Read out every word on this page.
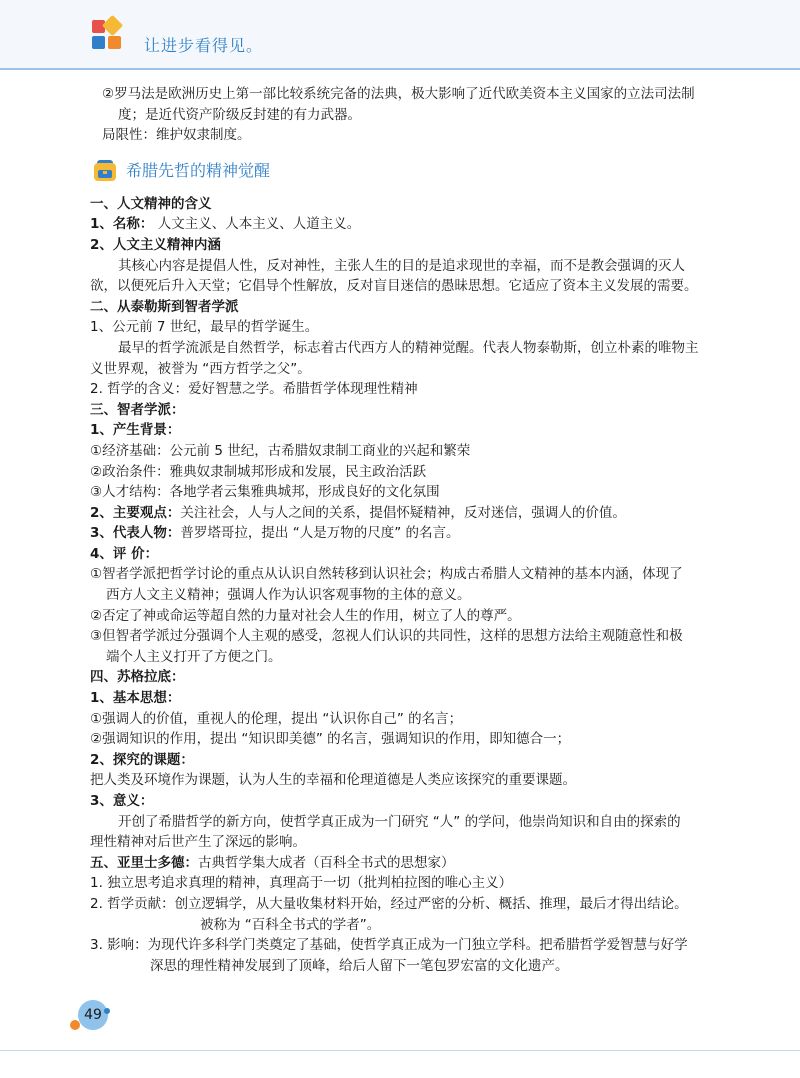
让进步看得见。

②罗马法是欧洲历史上第一部比较系统完备的法典，极大影响了近代欧美资本主义国家的立法司法制

度；是近代资产阶级反封建的有力武器。

局限性：维护奴隶制度。

希腊先哲的精神觉醒

一、人文精神的含义

1、名称： 人文主义、人本主义、人道主义。

2、人文主义精神内涵

其核心内容是提倡人性，反对神性，主张人生的目的是追求现世的幸福，而不是教会强调的灭人

欲，以便死后升入天堂；它倡导个性解放，反对盲目迷信的愚昧思想。它适应了资本主义发展的需要。

二、从泰勒斯到智者学派

1、公元前 7 世纪，最早的哲学诞生。

最早的哲学流派是自然哲学，标志着古代西方人的精神觉醒。代表人物泰勒斯，创立朴素的唯物主

义世界观，被誉为 “西方哲学之父”。

2. 哲学的含义：爱好智慧之学。希腊哲学体现理性精神

三、智者学派：

1、产生背景：

①经济基础：公元前 5 世纪，古希腊奴隶制工商业的兴起和繁荣

②政治条件：雅典奴隶制城邦形成和发展，民主政治活跃

③人才结构：各地学者云集雅典城邦，形成良好的文化氛围

2、主要观点：关注社会，人与人之间的关系，提倡怀疑精神，反对迷信，强调人的价值。

3、代表人物：普罗塔哥拉，提出 “人是万物的尺度” 的名言。

4、评 价：

①智者学派把哲学讨论的重点从认识自然转移到认识社会；构成古希腊人文精神的基本内涵，体现了

西方人文主义精神；强调人作为认识客观事物的主体的意义。

②否定了神或命运等超自然的力量对社会人生的作用，树立了人的尊严。

③但智者学派过分强调个人主观的感受，忽视人们认识的共同性，这样的思想方法给主观随意性和极

端个人主义打开了方便之门。

四、苏格拉底：

1、基本思想：

①强调人的价值，重视人的伦理，提出 “认识你自己” 的名言；

②强调知识的作用，提出 “知识即美德” 的名言，强调知识的作用，即知德合一；

2、探究的课题：

把人类及环境作为课题，认为人生的幸福和伦理道德是人类应该探究的重要课题。

3、意义：

开创了希腊哲学的新方向，使哲学真正成为一门研究 “人” 的学问，他崇尚知识和自由的探索的

理性精神对后世产生了深远的影响。

五、亚里士多德：古典哲学集大成者（百科全书式的思想家）

1. 独立思考追求真理的精神，真理高于一切（批判柏拉图的唯心主义）

2. 哲学贡献：创立逻辑学，从大量收集材料开始，经过严密的分析、概括、推理，最后才得出结论。

被称为 “百科全书式的学者”。

3. 影响：为现代许多科学门类奠定了基础，使哲学真正成为一门独立学科。把希腊哲学爱智慧与好学

深思的理性精神发展到了顶峰，给后人留下一笔包罗宏富的文化遗产。

49
